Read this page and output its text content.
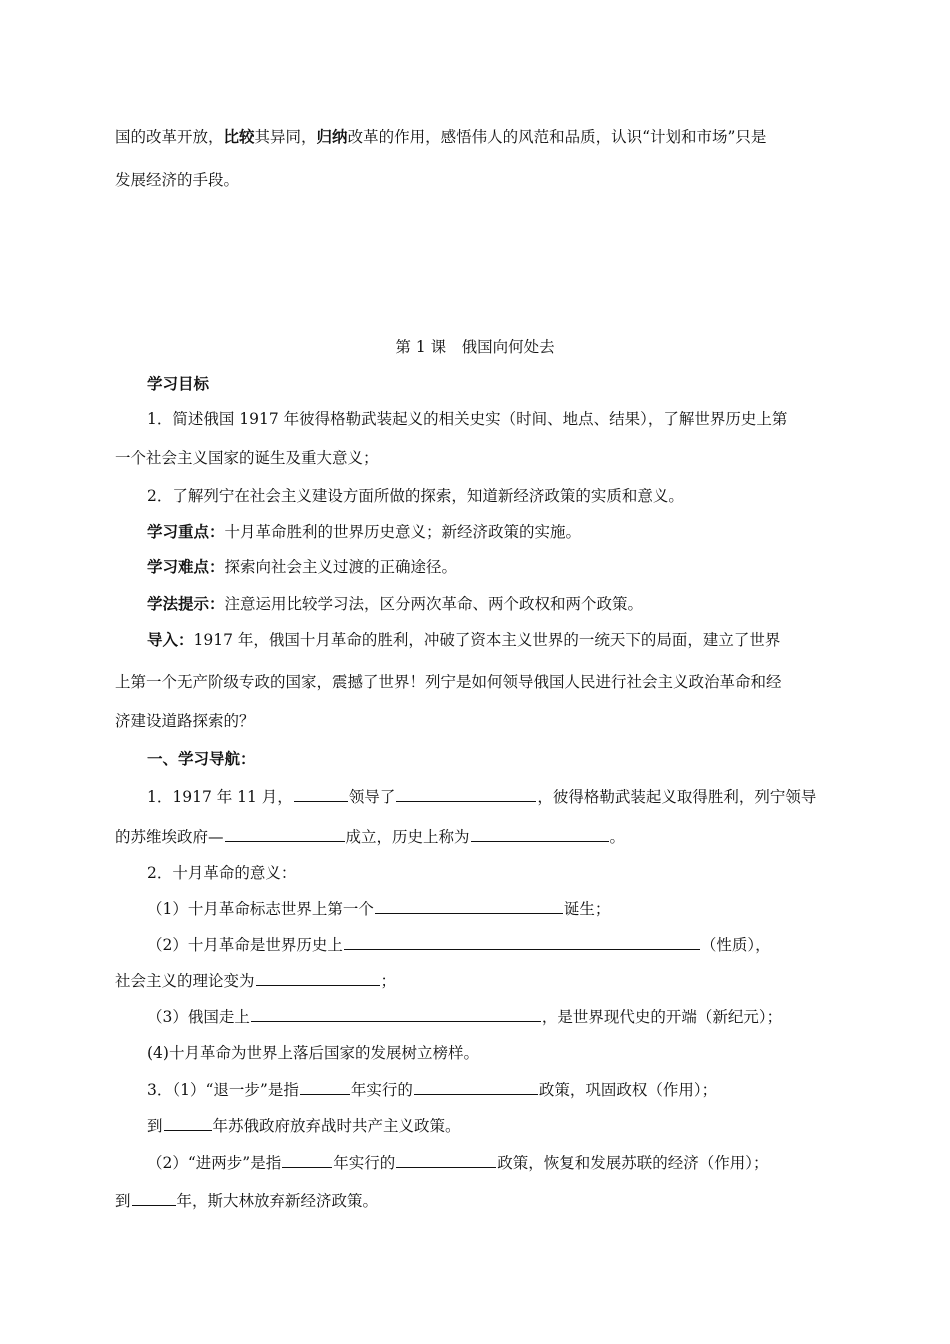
国的改革开放，比较其异同，归纳改革的作用，感悟伟人的风范和品质，认识“计划和市场”只是
发展经济的手段。
第 1 课　俄国向何处去
学习目标
1．简述俄国 1917 年彼得格勒武装起义的相关史实（时间、地点、结果），了解世界历史上第
一个社会主义国家的诞生及重大意义；
2．了解列宁在社会主义建设方面所做的探索，知道新经济政策的实质和意义。
学习重点：十月革命胜利的世界历史意义；新经济政策的实施。
学习难点：探索向社会主义过渡的正确途径。
学法提示：注意运用比较学习法，区分两次革命、两个政权和两个政策。
导入：1917 年，俄国十月革命的胜利，冲破了资本主义世界的一统天下的局面，建立了世界
上第一个无产阶级专政的国家，震撼了世界！列宁是如何领导俄国人民进行社会主义政治革命和经
济建设道路探索的？
一、学习导航：
1．1917 年 11 月，	领导了	，彼得格勒武装起义取得胜利，列宁领导
的苏维埃政府—	成立，历史上称为	。
2．十月革命的意义：
（1）十月革命标志世界上第一个	诞生；
（2）十月革命是世界历史上	（性质），
社会主义的理论变为	；
（3）俄国走上	，是世界现代史的开端（新纪元）；
(4)十月革命为世界上落后国家的发展树立榜样。
3．（1）“退一步”是指	年实行的	政策，巩固政权（作用）；
到	年苏俄政府放弃战时共产主义政策。
（2）“进两步”是指	年实行的	政策，恢复和发展苏联的经济（作用）；
到	年，斯大林放弃新经济政策。
